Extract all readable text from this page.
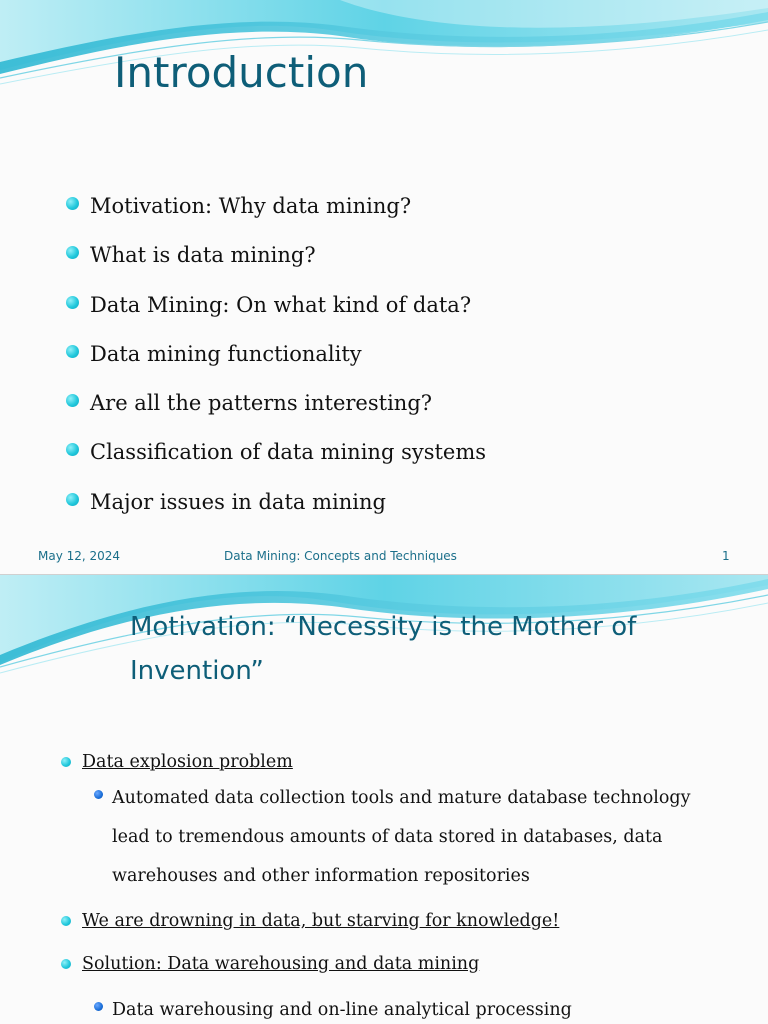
Introduction
Motivation: Why data mining?
What is data mining?
Data Mining: On what kind of data?
Data mining functionality
Are all the patterns interesting?
Classification of data mining systems
Major issues in data mining
May 12, 2024	Data Mining: Concepts and Techniques	1
Motivation: “Necessity is the Mother of
Invention”
Data explosion problem
Automated data collection tools and mature database technology
lead to tremendous amounts of data stored in databases, data
warehouses and other information repositories
We are drowning in data, but starving for knowledge!
Solution: Data warehousing and data mining
Data warehousing and on-line analytical processing
